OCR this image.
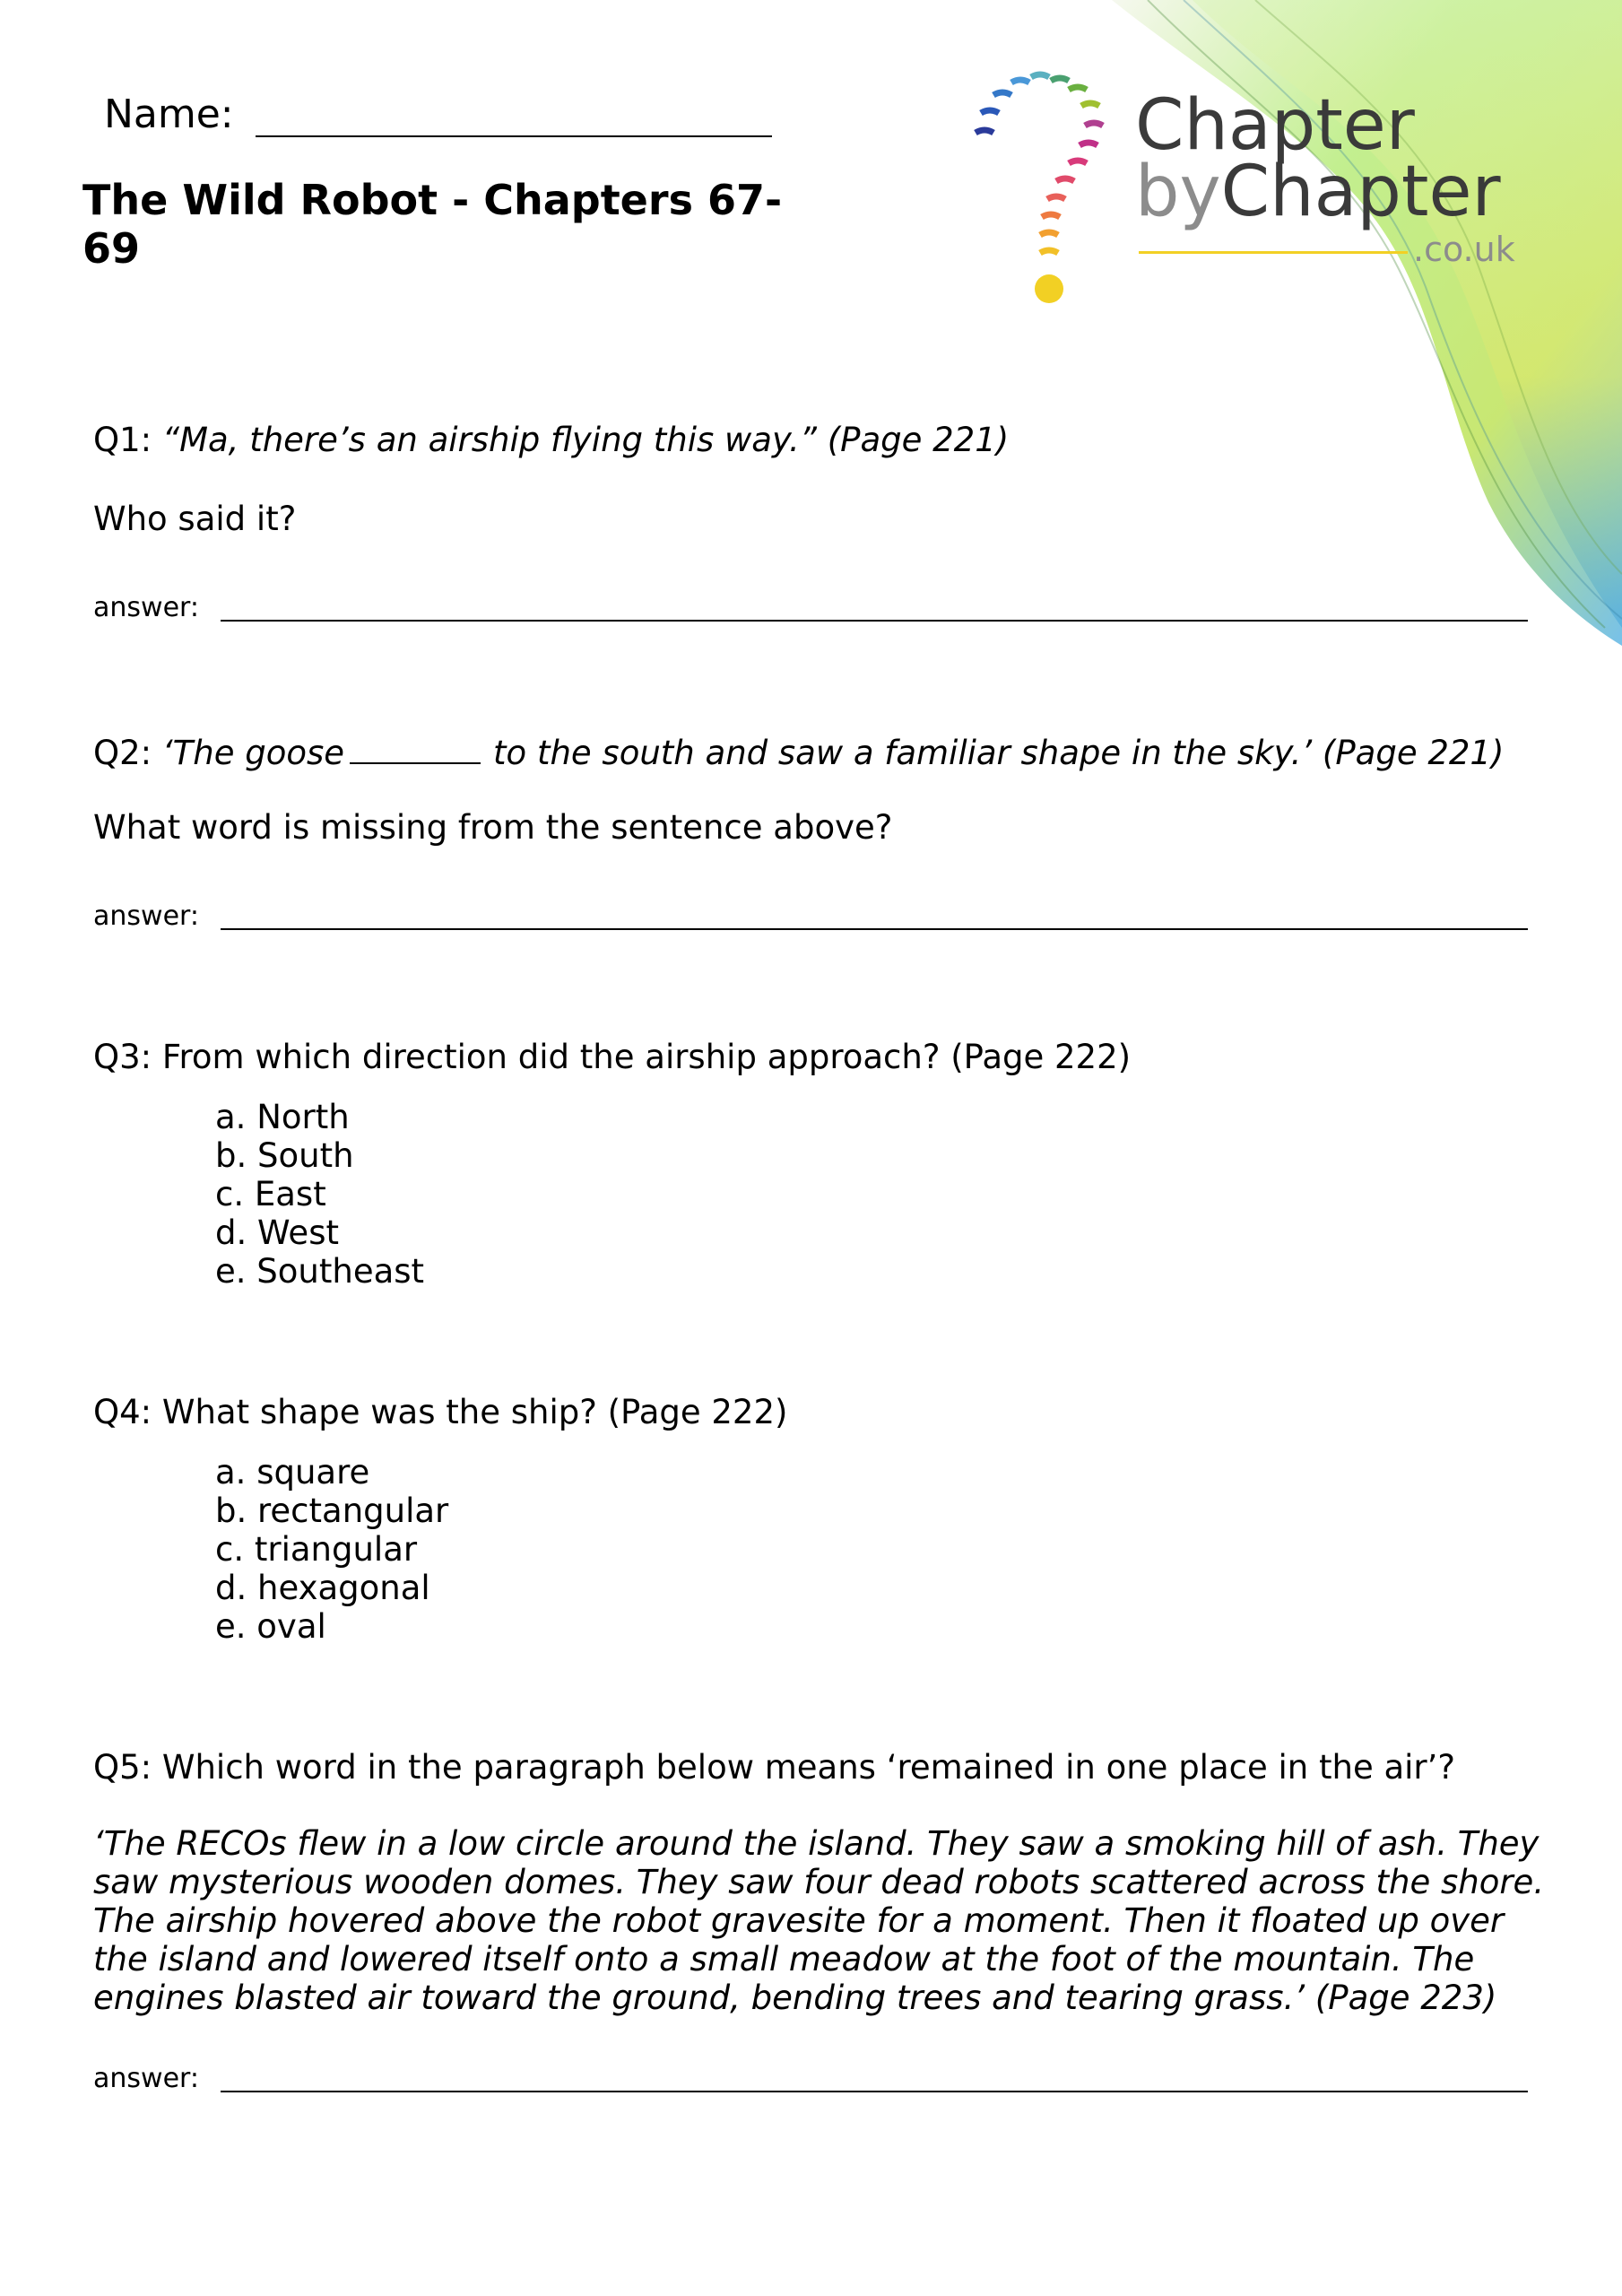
Name:
The Wild Robot - Chapters 67-69
Chapter
byChapter
.co.uk
Q1: “Ma, there’s an airship flying this way.” (Page 221)
Who said it?
answer:
Q2: ‘The goose	to the south and saw a familiar shape in the sky.’ (Page 221)
What word is missing from the sentence above?
answer:
Q3: From which direction did the airship approach? (Page 222)
a. North
b. South
c. East
d. West
e. Southeast
Q4: What shape was the ship? (Page 222)
a. square
b. rectangular
c. triangular
d. hexagonal
e. oval
Q5: Which word in the paragraph below means ‘remained in one place in the air’?
‘The RECOs flew in a low circle around the island. They saw a smoking hill of ash. They
saw mysterious wooden domes. They saw four dead robots scattered across the shore.
The airship hovered above the robot gravesite for a moment. Then it floated up over
the island and lowered itself onto a small meadow at the foot of the mountain. The
engines blasted air toward the ground, bending trees and tearing grass.’ (Page 223)
answer:
